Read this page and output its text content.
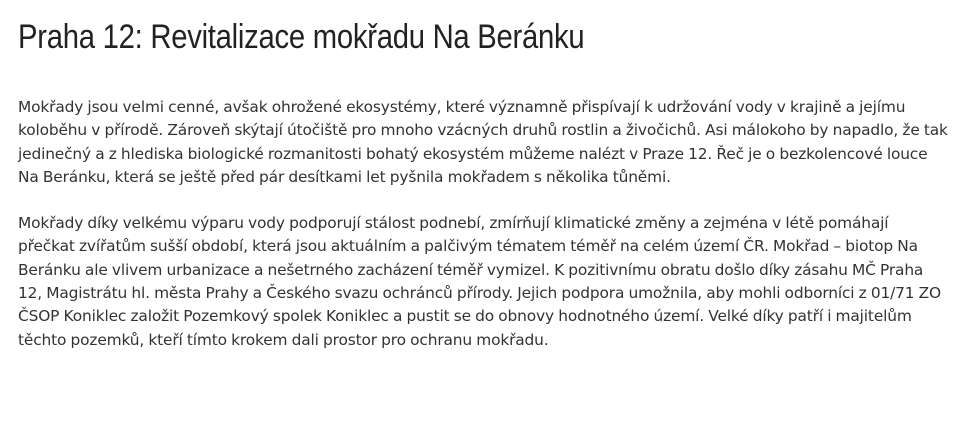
Praha 12: Revitalizace mokřadu Na Beránku

Mokřady jsou velmi cenné, avšak ohrožené ekosystémy, které významně přispívají k udržování vody v krajině a jejímu koloběhu v přírodě. Zároveň skýtají útočiště pro mnoho vzácných druhů rostlin a živočichů. Asi málokoho by napadlo, že tak jedinečný a z hlediska biologické rozmanitosti bohatý ekosystém můžeme nalézt v Praze 12. Řeč je o bezkolencové louce Na Beránku, která se ještě před pár desítkami let pyšnila mokřadem s několika tůněmi.

Mokřady díky velkému výparu vody podporují stálost podnebí, zmírňují klimatické změny a zejména v létě pomáhají přečkat zvířatům sušší období, která jsou aktuálním a palčivým tématem téměř na celém území ČR. Mokřad – biotop Na Beránku ale vlivem urbanizace a nešetrného zacházení téměř vymizel. K pozitivnímu obratu došlo díky zásahu MČ Praha 12, Magistrátu hl. města Prahy a Českého svazu ochránců přírody. Jejich podpora umožnila, aby mohli odborníci z 01/71 ZO ČSOP Koniklec založit Pozemkový spolek Koniklec a pustit se do obnovy hodnotného území. Velké díky patří i majitelům těchto pozemků, kteří tímto krokem dali prostor pro ochranu mokřadu.
